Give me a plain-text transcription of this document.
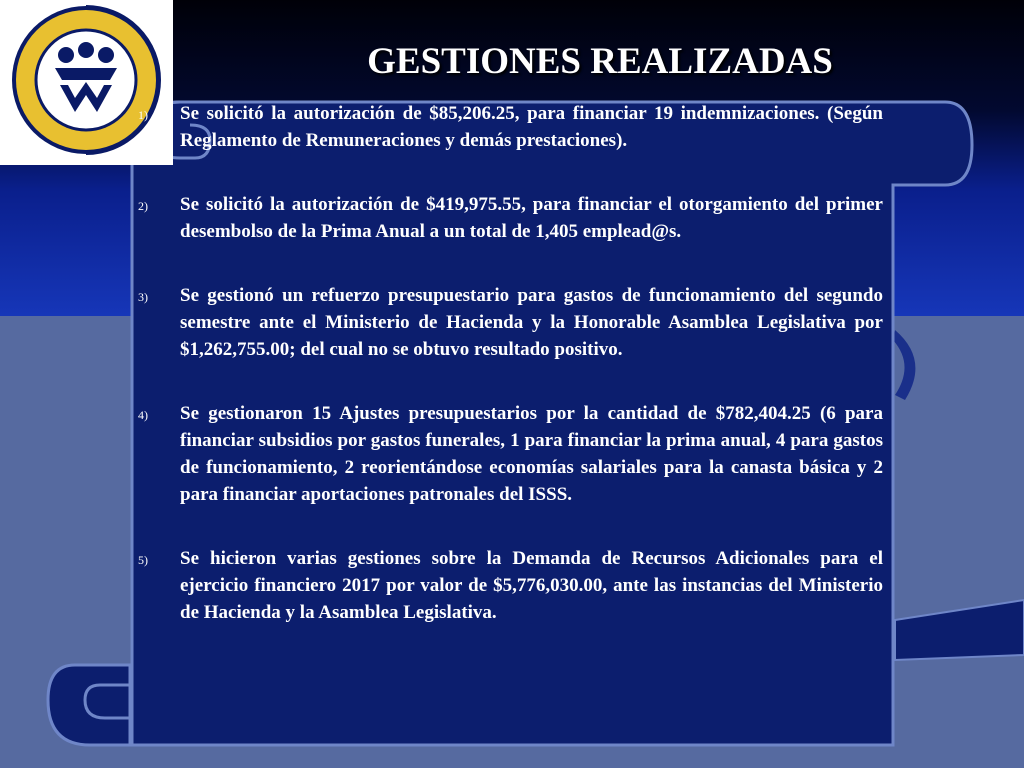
GESTIONES REALIZADAS
1) Se solicitó la autorización de $85,206.25, para financiar 19 indemnizaciones. (Según Reglamento de Remuneraciones y demás prestaciones).
2) Se solicitó la autorización de $419,975.55, para financiar el otorgamiento del primer desembolso de la Prima Anual a un total de 1,405 emplead@s.
3) Se gestionó un refuerzo presupuestario para gastos de funcionamiento del segundo semestre ante el Ministerio de Hacienda y la Honorable Asamblea Legislativa por $1,262,755.00; del cual no se obtuvo resultado positivo.
4) Se gestionaron 15 Ajustes presupuestarios por la cantidad de $782,404.25 (6 para financiar subsidios por gastos funerales, 1 para financiar la prima anual, 4 para gastos de funcionamiento, 2 reorientándose economías salariales para la canasta básica y 2 para financiar aportaciones patronales del ISSS.
5) Se hicieron varias gestiones sobre la Demanda de Recursos Adicionales para el ejercicio financiero 2017 por valor de $5,776,030.00, ante las instancias del Ministerio de Hacienda y la Asamblea Legislativa.
